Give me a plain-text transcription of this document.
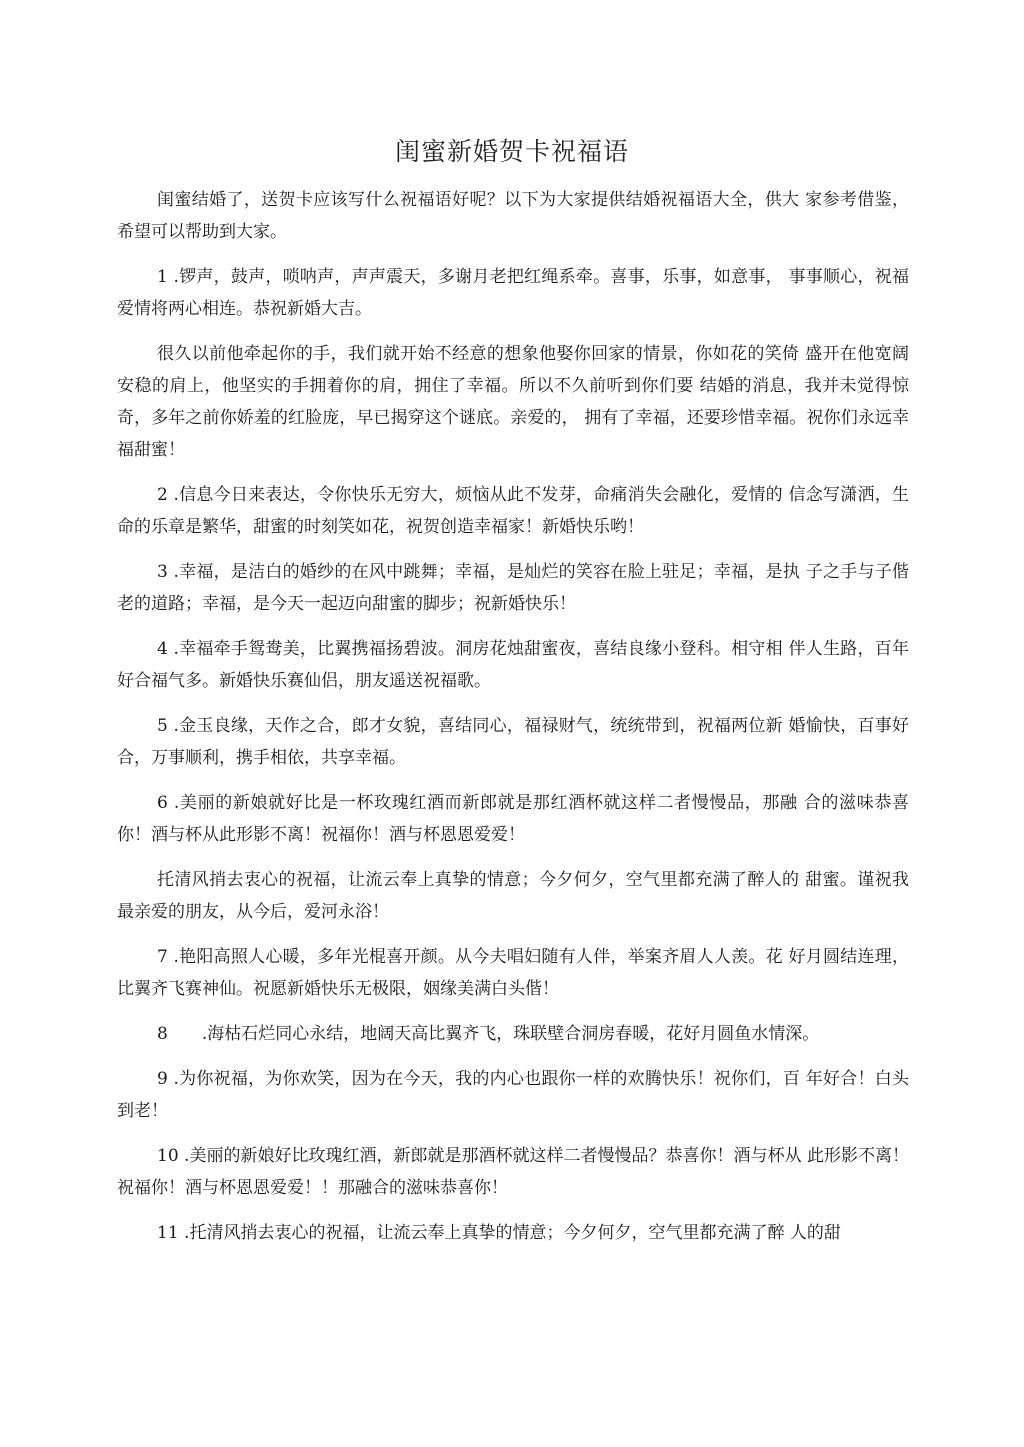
闺蜜新婚贺卡祝福语

闺蜜结婚了，送贺卡应该写什么祝福语好呢？以下为大家提供结婚祝福语大全，供大 家参考借鉴，希望可以帮助到大家。

1 .锣声，鼓声，唢呐声，声声震天，多谢月老把红绳系牵。喜事，乐事，如意事， 事事顺心，祝福爱情将两心相连。恭祝新婚大吉。

很久以前他牵起你的手，我们就开始不经意的想象他娶你回家的情景，你如花的笑倚 盛开在他宽阔安稳的肩上，他坚实的手拥着你的肩，拥住了幸福。所以不久前听到你们要 结婚的消息，我并未觉得惊奇，多年之前你娇羞的红脸庞，早已揭穿这个谜底。亲爱的， 拥有了幸福，还要珍惜幸福。祝你们永远幸福甜蜜！

2 .信息今日来表达，令你快乐无穷大，烦恼从此不发芽，命痛消失会融化，爱情的 信念写潇洒，生命的乐章是繁华，甜蜜的时刻笑如花，祝贺创造幸福家！新婚快乐哟！

3 .幸福，是洁白的婚纱的在风中跳舞；幸福，是灿烂的笑容在脸上驻足；幸福，是执 子之手与子偕老的道路；幸福，是今天一起迈向甜蜜的脚步；祝新婚快乐！

4 .幸福牵手鸳鸯美，比翼携福扬碧波。洞房花烛甜蜜夜，喜结良缘小登科。相守相 伴人生路，百年好合福气多。新婚快乐赛仙侣，朋友遥送祝福歌。

5 .金玉良缘，天作之合，郎才女貌，喜结同心，福禄财气，统统带到，祝福两位新 婚愉快，百事好合，万事顺利，携手相依，共享幸福。

6 .美丽的新娘就好比是一杯玫瑰红酒而新郎就是那红酒杯就这样二者慢慢品，那融 合的滋味恭喜你！酒与杯从此形影不离！祝福你！酒与杯恩恩爱爱！

托清风捎去衷心的祝福，让流云奉上真挚的情意；今夕何夕，空气里都充满了醉人的 甜蜜。谨祝我最亲爱的朋友，从今后，爱河永浴！

7 .艳阳高照人心暖，多年光棍喜开颜。从今夫唱妇随有人伴，举案齐眉人人羡。花 好月圆结连理，比翼齐飞赛神仙。祝愿新婚快乐无极限，姻缘美满白头偕！

8　　.海枯石烂同心永结，地阔天高比翼齐飞，珠联壁合洞房春暖，花好月圆鱼水情深。

9 .为你祝福，为你欢笑，因为在今天，我的内心也跟你一样的欢腾快乐！祝你们，百 年好合！白头到老！

10 .美丽的新娘好比玫瑰红酒，新郎就是那酒杯就这样二者慢慢品？恭喜你！酒与杯从 此形影不离！祝福你！酒与杯恩恩爱爱！！那融合的滋味恭喜你！

11 .托清风捎去衷心的祝福，让流云奉上真挚的情意；今夕何夕，空气里都充满了醉 人的甜
